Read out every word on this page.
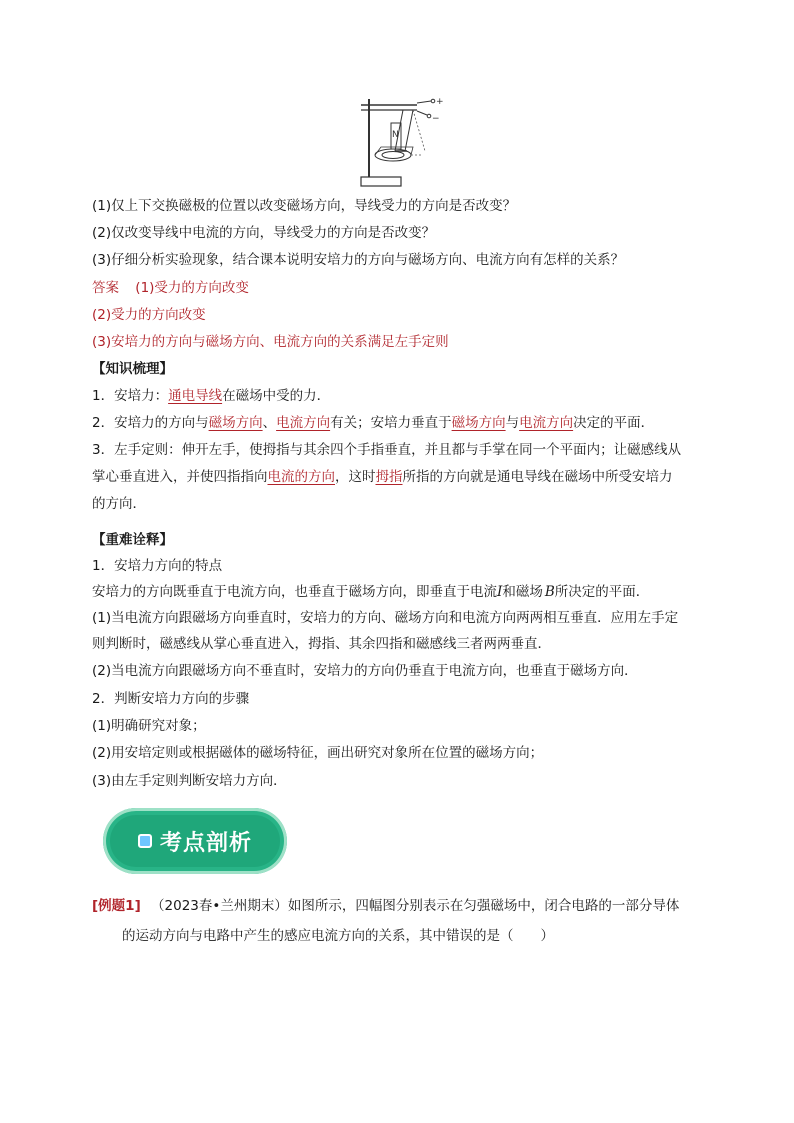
+
−
N
(1)仅上下交换磁极的位置以改变磁场方向，导线受力的方向是否改变？
(2)仅改变导线中电流的方向，导线受力的方向是否改变？
(3)仔细分析实验现象，结合课本说明安培力的方向与磁场方向、电流方向有怎样的关系？
答案 (1)受力的方向改变
(2)受力的方向改变
(3)安培力的方向与磁场方向、电流方向的关系满足左手定则
【知识梳理】
1．安培力：通电导线在磁场中受的力．
2．安培力的方向与磁场方向、电流方向有关；安培力垂直于磁场方向与电流方向决定的平面．
3．左手定则：伸开左手，使拇指与其余四个手指垂直，并且都与手掌在同一个平面内；让磁感线从
掌心垂直进入，并使四指指向电流的方向，这时拇指所指的方向就是通电导线在磁场中所受安培力
的方向．
【重难诠释】
1．安培力方向的特点
安培力的方向既垂直于电流方向，也垂直于磁场方向，即垂直于电流I和磁场 B所决定的平面．
(1)当电流方向跟磁场方向垂直时，安培力的方向、磁场方向和电流方向两两相互垂直．应用左手定
则判断时，磁感线从掌心垂直进入，拇指、其余四指和磁感线三者两两垂直．
(2)当电流方向跟磁场方向不垂直时，安培力的方向仍垂直于电流方向，也垂直于磁场方向．
2．判断安培力方向的步骤
(1)明确研究对象；
(2)用安培定则或根据磁体的磁场特征，画出研究对象所在位置的磁场方向；
(3)由左手定则判断安培力方向．
考点剖析
[例题1] （2023春•兰州期末）如图所示，四幅图分别表示在匀强磁场中，闭合电路的一部分导体
的运动方向与电路中产生的感应电流方向的关系，其中错误的是（　　）
